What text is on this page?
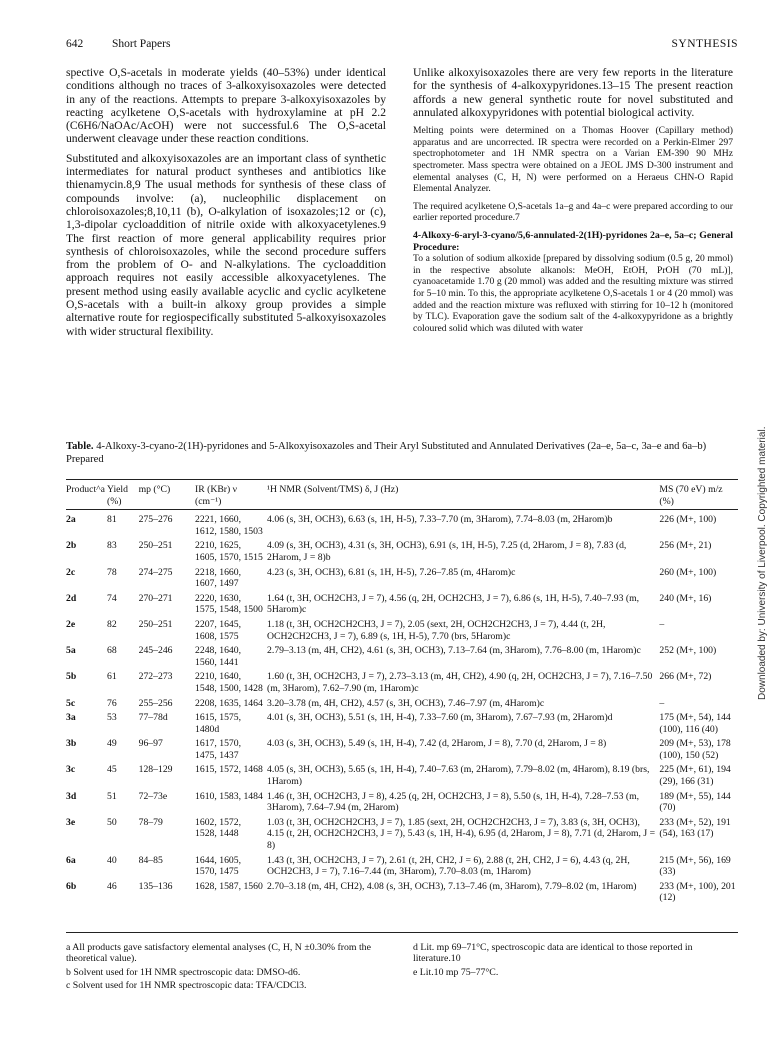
642	Short Papers	SYNTHESIS

spective O,S-acetals in moderate yields (40–53%) under identical conditions although no traces of 3-alkoxyisoxazoles were detected in any of the reactions. Attempts to prepare 3-alkoxyisoxazoles by reacting acylketene O,S-acetals with hydroxylamine at pH 2.2 (C6H6/NaOAc/AcOH) were not successful.6 The O,S-acetal underwent cleavage under these reaction conditions.

Substituted and alkoxyisoxazoles are an important class of synthetic intermediates for natural product syntheses and antibiotics like thienamycin.8,9 The usual methods for synthesis of these class of compounds involve: (a), nucleophilic displacement on chloroisoxazoles;8,10,11 (b), O-alkylation of isoxazoles;12 or (c), 1,3-dipolar cycloaddition of nitrile oxide with alkoxyacetylenes.9 The first reaction of more general applicability requires prior synthesis of chloroisoxazoles, while the second procedure suffers from the problem of O- and N-alkylations. The cycloaddition approach requires not easily accessible alkoxyacetylenes. The present method using easily available acyclic and cyclic acylketene O,S-acetals with a built-in alkoxy group provides a simple alternative route for regiospecifically substituted 5-alkoxyisoxazoles with wider structural flexibility.

Unlike alkoxyisoxazoles there are very few reports in the literature for the synthesis of 4-alkoxypyridones.13–15 The present reaction affords a new general synthetic route for novel substituted and annulated alkoxypyridones with potential biological activity.

Melting points were determined on a Thomas Hoover (Capillary method) apparatus and are uncorrected. IR spectra were recorded on a Perkin-Elmer 297 spectrophotometer and 1H NMR spectra on a Varian EM-390 90 MHz spectrometer. Mass spectra were obtained on a JEOL JMS D-300 instrument and elemental analyses (C, H, N) were performed on a Heraeus CHN-O Rapid Elemental Analyzer.

The required acylketene O,S-acetals 1a–g and 4a–c were prepared according to our earlier reported procedure.7

4-Alkoxy-6-aryl-3-cyano/5,6-annulated-2(1H)-pyridones 2a–e, 5a–c; General Procedure:

To a solution of sodium alkoxide [prepared by dissolving sodium (0.5 g, 20 mmol) in the respective absolute alkanols: MeOH, EtOH, PrOH (70 mL)], cyanoacetamide 1.70 g (20 mmol) was added and the resulting mixture was stirred for 5–10 min. To this, the appropriate acylketene O,S-acetals 1 or 4 (20 mmol) was added and the reaction mixture was refluxed with stirring for 10–12 h (monitored by TLC). Evaporation gave the sodium salt of the 4-alkoxypyridone as a brightly coloured solid which was diluted with water

Table. 4-Alkoxy-3-cyano-2(1H)-pyridones and 5-Alkoxyisoxazoles and Their Aryl Substituted and Annulated Derivatives (2a–e, 5a–c, 3a–e and 6a–b) Prepared
Product^a	Yield (%)	mp (°C)	IR (KBr) ν (cm⁻¹)	¹H NMR (Solvent/TMS) δ, J (Hz)	MS (70 eV) m/z (%)

2a	81	275–276	2221, 1660, 1612, 1580, 1503	4.06 (s, 3H, OCH3), 6.63 (s, 1H, H-5), 7.33–7.70 (m, 3Harom), 7.74–8.03 (m, 2Harom)b	226 (M+, 100)
2b	83	250–251	2210, 1625, 1605, 1570, 1515	4.09 (s, 3H, OCH3), 4.31 (s, 3H, OCH3), 6.91 (s, 1H, H-5), 7.25 (d, 2Harom, J = 8), 7.83 (d, 2Harom, J = 8)b	256 (M+, 21)
2c	78	274–275	2218, 1660, 1607, 1497	4.23 (s, 3H, OCH3), 6.81 (s, 1H, H-5), 7.26–7.85 (m, 4Harom)c	260 (M+, 100)
2d	74	270–271	2220, 1630, 1575, 1548, 1500	1.64 (t, 3H, OCH2CH3, J = 7), 4.56 (q, 2H, OCH2CH3, J = 7), 6.86 (s, 1H, H-5), 7.40–7.93 (m, 5Harom)c	240 (M+, 16)
2e	82	250–251	2207, 1645, 1608, 1575	1.18 (t, 3H, OCH2CH2CH3, J = 7), 2.05 (sext, 2H, OCH2CH2CH3, J = 7), 4.44 (t, 2H, OCH2CH2CH3, J = 7), 6.89 (s, 1H, H-5), 7.70 (brs, 5Harom)c	–
5a	68	245–246	2248, 1640, 1560, 1441	2.79–3.13 (m, 4H, CH2), 4.61 (s, 3H, OCH3), 7.13–7.64 (m, 3Harom), 7.76–8.00 (m, 1Harom)c	252 (M+, 100)
5b	61	272–273	2210, 1640, 1548, 1500, 1428	1.60 (t, 3H, OCH2CH3, J = 7), 2.73–3.13 (m, 4H, CH2), 4.90 (q, 2H, OCH2CH3, J = 7), 7.16–7.50 (m, 3Harom), 7.62–7.90 (m, 1Harom)c	266 (M+, 72)
5c	76	255–256	2208, 1635, 1464	3.20–3.78 (m, 4H, CH2), 4.57 (s, 3H, OCH3), 7.46–7.97 (m, 4Harom)c	–
3a	53	77–78d	1615, 1575, 1480d	4.01 (s, 3H, OCH3), 5.51 (s, 1H, H-4), 7.33–7.60 (m, 3Harom), 7.67–7.93 (m, 2Harom)d	175 (M+, 54), 144 (100), 116 (40)
3b	49	96–97	1617, 1570, 1475, 1437	4.03 (s, 3H, OCH3), 5.49 (s, 1H, H-4), 7.42 (d, 2Harom, J = 8), 7.70 (d, 2Harom, J = 8)	209 (M+, 53), 178 (100), 150 (52)
3c	45	128–129	1615, 1572, 1468	4.05 (s, 3H, OCH3), 5.65 (s, 1H, H-4), 7.40–7.63 (m, 2Harom), 7.79–8.02 (m, 4Harom), 8.19 (brs, 1Harom)	225 (M+, 61), 194 (29), 166 (31)
3d	51	72–73e	1610, 1583, 1484	1.46 (t, 3H, OCH2CH3, J = 8), 4.25 (q, 2H, OCH2CH3, J = 8), 5.50 (s, 1H, H-4), 7.28–7.53 (m, 3Harom), 7.64–7.94 (m, 2Harom)	189 (M+, 55), 144 (70)
3e	50	78–79	1602, 1572, 1528, 1448	1.03 (t, 3H, OCH2CH2CH3, J = 7), 1.85 (sext, 2H, OCH2CH2CH3, J = 7), 3.83 (s, 3H, OCH3), 4.15 (t, 2H, OCH2CH2CH3, J = 7), 5.43 (s, 1H, H-4), 6.95 (d, 2Harom, J = 8), 7.71 (d, 2Harom, J = 8)	233 (M+, 52), 191 (54), 163 (17)
6a	40	84–85	1644, 1605, 1570, 1475	1.43 (t, 3H, OCH2CH3, J = 7), 2.61 (t, 2H, CH2, J = 6), 2.88 (t, 2H, CH2, J = 6), 4.43 (q, 2H, OCH2CH3, J = 7), 7.16–7.44 (m, 3Harom), 7.70–8.03 (m, 1Harom)	215 (M+, 56), 169 (33)
6b	46	135–136	1628, 1587, 1560	2.70–3.18 (m, 4H, CH2), 4.08 (s, 3H, OCH3), 7.13–7.46 (m, 3Harom), 7.79–8.02 (m, 1Harom)	233 (M+, 100), 201 (12)
a All products gave satisfactory elemental analyses (C, H, N ±0.30% from the theoretical value).
b Solvent used for 1H NMR spectroscopic data: DMSO-d6.
c Solvent used for 1H NMR spectroscopic data: TFA/CDCl3.
d Lit. mp 69–71°C, spectroscopic data are identical to those reported in literature.10
e Lit.10 mp 75–77°C.
Downloaded by: University of Liverpool. Copyrighted material.
